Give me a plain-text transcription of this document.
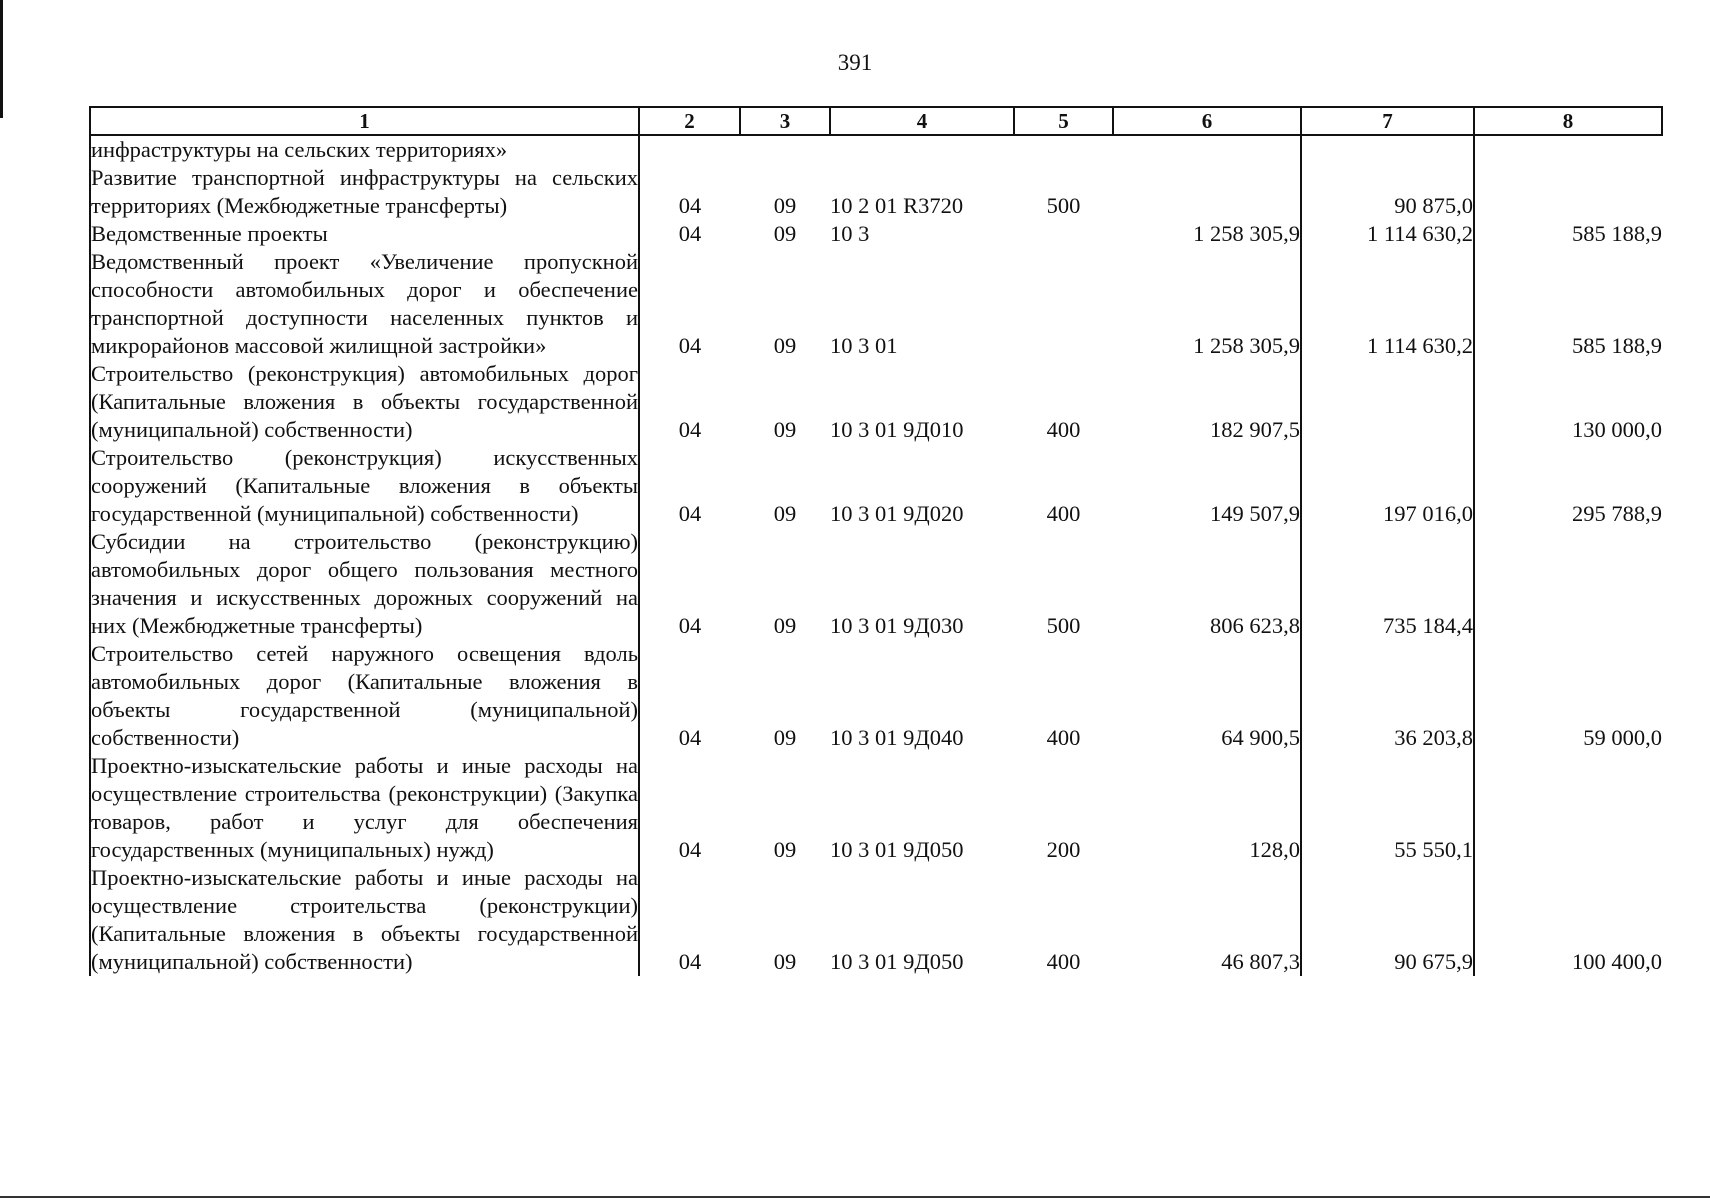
391
1	2	3	4	5	6	7	8
инфраструктуры на сельских территориях»							
Развитие транспортной инфраструктуры на сельских территориях (Межбюджетные трансферты)	04	09	10 2 01 R3720	500		90 875,0	
Ведомственные проекты	04	09	10 3		1 258 305,9	1 114 630,2	585 188,9
Ведомственный проект «Увеличение пропускной способности автомобильных дорог и обеспечение транспортной доступности населенных пунктов и микрорайонов массовой жилищной застройки»	04	09	10 3 01		1 258 305,9	1 114 630,2	585 188,9
Строительство (реконструкция) автомобильных дорог (Капитальные вложения в объекты государственной (муниципальной) собственности)	04	09	10 3 01 9Д010	400	182 907,5		130 000,0
Строительство (реконструкция) искусственных сооружений (Капитальные вложения в объекты государственной (муниципальной) собственности)	04	09	10 3 01 9Д020	400	149 507,9	197 016,0	295 788,9
Субсидии на строительство (реконструкцию) автомобильных дорог общего пользования местного значения и искусственных дорожных сооружений на них (Межбюджетные трансферты)	04	09	10 3 01 9Д030	500	806 623,8	735 184,4	
Строительство сетей наружного освещения вдоль автомобильных дорог (Капитальные вложения в объекты государственной (муниципальной) собственности)	04	09	10 3 01 9Д040	400	64 900,5	36 203,8	59 000,0
Проектно-изыскательские работы и иные расходы на осуществление строительства (реконструкции) (Закупка товаров, работ и услуг для обеспечения государственных (муниципальных) нужд)	04	09	10 3 01 9Д050	200	128,0	55 550,1	
Проектно-изыскательские работы и иные расходы на осуществление строительства (реконструкции) (Капитальные вложения в объекты государственной (муниципальной) собственности)	04	09	10 3 01 9Д050	400	46 807,3	90 675,9	100 400,0
